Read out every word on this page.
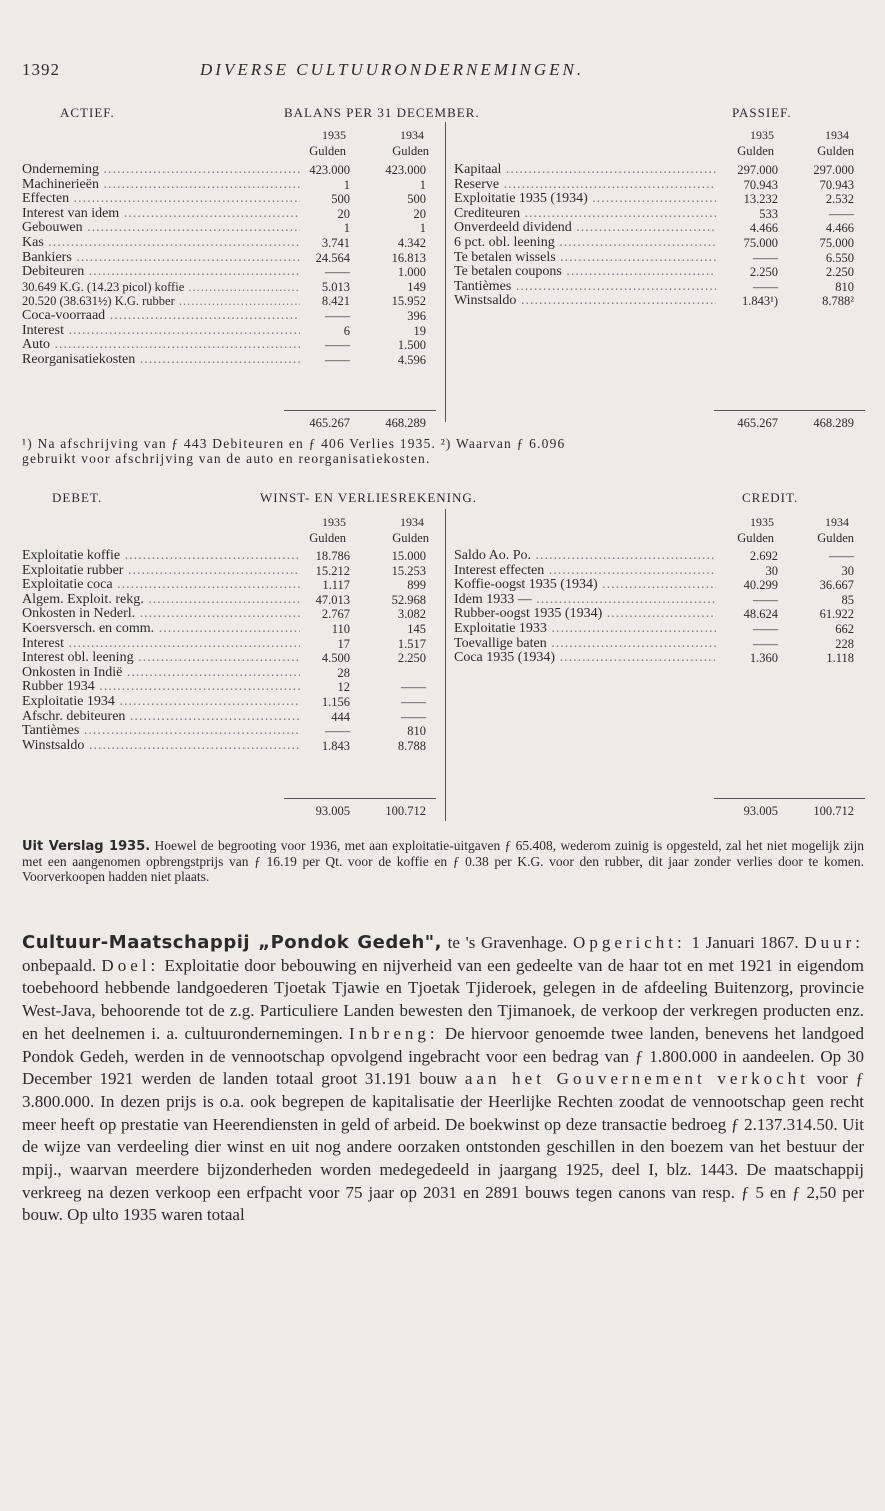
1392	DIVERSE CULTUURONDERNEMINGEN.
ACTIEF.	BALANS PER 31 DECEMBER.	PASSIEF.
1935	1934
Gulden	Gulden
1935	1934
Gulden	Gulden
Onderneming .....	423.000	423.000
Machinerieën .....	1	1
Effecten .....	500	500
Interest van idem .....	20	20
Gebouwen .....	1	1
Kas .....	3.741	4.342
Bankiers .....	24.564	16.813
Debiteuren .....	——	1.000
30.649 K.G. (14.23 picol) koffie .....	5.013	149
20.520 (38.631½) K.G. rubber .....	8.421	15.952
Coca-voorraad .....	——	396
Interest .....	6	19
Auto .....	——	1.500
Reorganisatiekosten .....	——	4.596
Kapitaal .....	297.000	297.000
Reserve .....	70.943	70.943
Exploitatie 1935 (1934) .....	13.232	2.532
Crediteuren .....	533	——
Onverdeeld dividend .....	4.466	4.466
6 pct. obl. leening .....	75.000	75.000
Te betalen wissels .....	——	6.550
Te betalen coupons .....	2.250	2.250
Tantièmes .....	——	810
Winstsaldo .....	1.843¹)	8.788²
465.267	468.289	465.267	468.289
¹) Na afschrijving van ƒ 443 Debiteuren en ƒ 406 Verlies 1935. ²) Waarvan ƒ 6.096
gebruikt voor afschrijving van de auto en reorganisatiekosten.
DEBET.	WINST- EN VERLIESREKENING.	CREDIT.
1935	1934
Gulden	Gulden
1935	1934
Gulden	Gulden
Exploitatie koffie .....	18.786	15.000
Exploitatie rubber .....	15.212	15.253
Exploitatie coca .....	1.117	899
Algem. Exploit. rekg. .....	47.013	52.968
Onkosten in Nederl. .....	2.767	3.082
Koersversch. en comm. .....	110	145
Interest .....	17	1.517
Interest obl. leening .....	4.500	2.250
Onkosten in Indië .....	28
Rubber 1934 .....	12	——
Exploitatie 1934 .....	1.156	——
Afschr. debiteuren .....	444	——
Tantièmes .....	——	810
Winstsaldo .....	1.843	8.788
Saldo Ao. Po. .....	2.692	——
Interest effecten .....	30	30
Koffie-oogst 1935 (1934) .....	40.299	36.667
Idem 1933 — .....	——	85
Rubber-oogst 1935 (1934) .....	48.624	61.922
Exploitatie 1933 .....	——	662
Toevallige baten .....	——	228
Coca 1935 (1934) .....	1.360	1.118
93.005	100.712	93.005	100.712
Uit Verslag 1935. Hoewel de begrooting voor 1936, met aan exploitatie-uitgaven ƒ 65.408, wederom zuinig is opgesteld, zal het niet mogelijk zijn met een aangenomen opbrengstprijs van ƒ 16.19 per Qt. voor de koffie en ƒ 0.38 per K.G. voor den rubber, dit jaar zonder verlies door te komen. Voorverkoopen hadden niet plaats.
Cultuur-Maatschappij „Pondok Gedeh", te 's Gravenhage. Opgericht: 1 Januari 1867. Duur: onbepaald. Doel: Exploitatie door bebouwing en nijverheid van een gedeelte van de haar tot en met 1921 in eigendom toebehoord hebbende landgoederen Tjoetak Tjawie en Tjoetak Tjideroek, gelegen in de afdeeling Buitenzorg, provincie West-Java, behoorende tot de z.g. Particuliere Landen bewesten den Tjimanoek, de verkoop der verkregen producten enz. en het deelnemen i. a. cultuurondernemingen. Inbreng: De hiervoor genoemde twee landen, benevens het landgoed Pondok Gedeh, werden in de vennootschap opvolgend ingebracht voor een bedrag van ƒ 1.800.000 in aandeelen. Op 30 December 1921 werden de landen totaal groot 31.191 bouw aan het Gouvernement verkocht voor ƒ 3.800.000. In dezen prijs is o.a. ook begrepen de kapitalisatie der Heerlijke Rechten zoodat de vennootschap geen recht meer heeft op prestatie van Heerendiensten in geld of arbeid. De boekwinst op deze transactie bedroeg ƒ 2.137.314.50. Uit de wijze van verdeeling dier winst en uit nog andere oorzaken ontstonden geschillen in den boezem van het bestuur der mpij., waarvan meerdere bijzonderheden worden medegedeeld in jaargang 1925, deel I, blz. 1443. De maatschappij verkreeg na dezen verkoop een erfpacht voor 75 jaar op 2031 en 2891 bouws tegen canons van resp. ƒ 5 en ƒ 2,50 per bouw. Op ulto 1935 waren totaal
